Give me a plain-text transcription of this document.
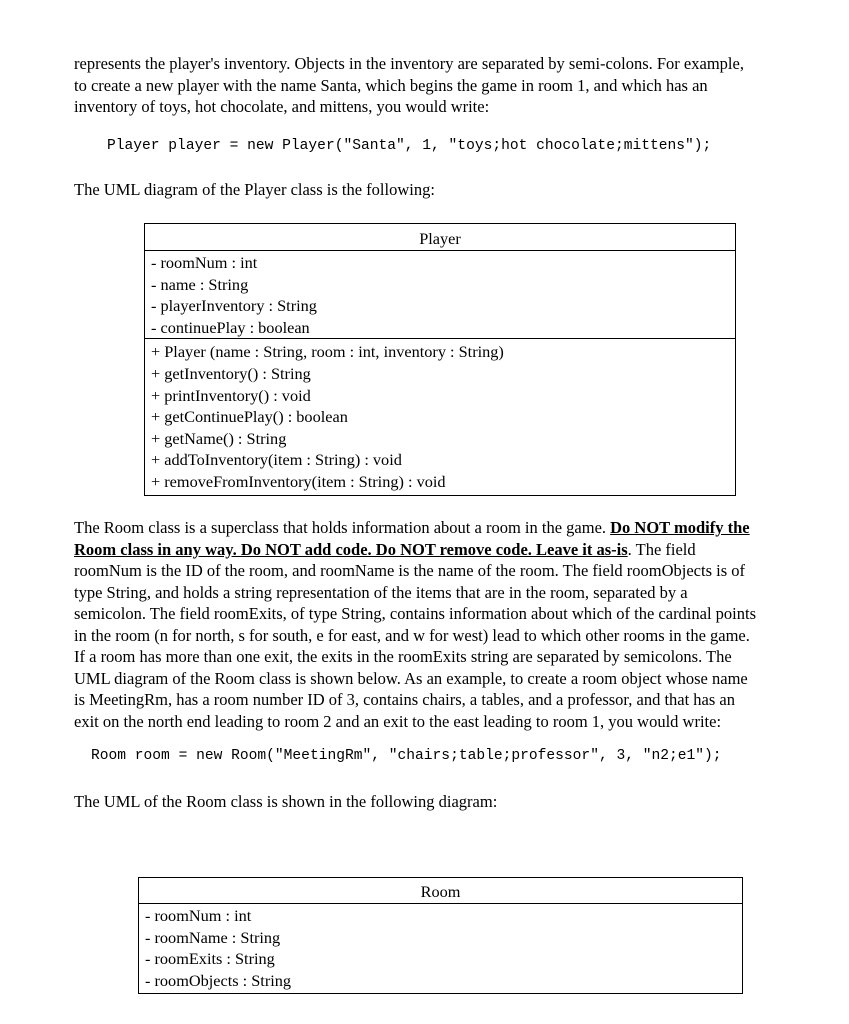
represents the player's inventory. Objects in the inventory are separated by semi-colons. For example,
to create a new player with the name Santa, which begins the game in room 1, and which has an
inventory of toys, hot chocolate, and mittens, you would write:
Player player = new Player("Santa", 1, "toys;hot chocolate;mittens");
The UML diagram of the Player class is the following:
Player
- roomNum : int
- name : String
- playerInventory : String
- continuePlay : boolean
+ Player (name : String, room : int, inventory : String)
+ getInventory() : String
+ printInventory() : void
+ getContinuePlay() : boolean
+ getName() : String
+ addToInventory(item : String) : void
+ removeFromInventory(item : String) : void
The Room class is a superclass that holds information about a room in the game. Do NOT modify the
Room class in any way. Do NOT add code. Do NOT remove code. Leave it as-is. The field
roomNum is the ID of the room, and roomName is the name of the room. The field roomObjects is of
type String, and holds a string representation of the items that are in the room, separated by a
semicolon. The field roomExits, of type String, contains information about which of the cardinal points
in the room (n for north, s for south, e for east, and w for west) lead to which other rooms in the game.
If a room has more than one exit, the exits in the roomExits string are separated by semicolons. The
UML diagram of the Room class is shown below. As an example, to create a room object whose name
is MeetingRm, has a room number ID of 3, contains chairs, a tables, and a professor, and that has an
exit on the north end leading to room 2 and an exit to the east leading to room 1, you would write:
Room room = new Room("MeetingRm", "chairs;table;professor", 3, "n2;e1");
The UML of the Room class is shown in the following diagram:
Room
- roomNum : int
- roomName : String
- roomExits : String
- roomObjects : String
